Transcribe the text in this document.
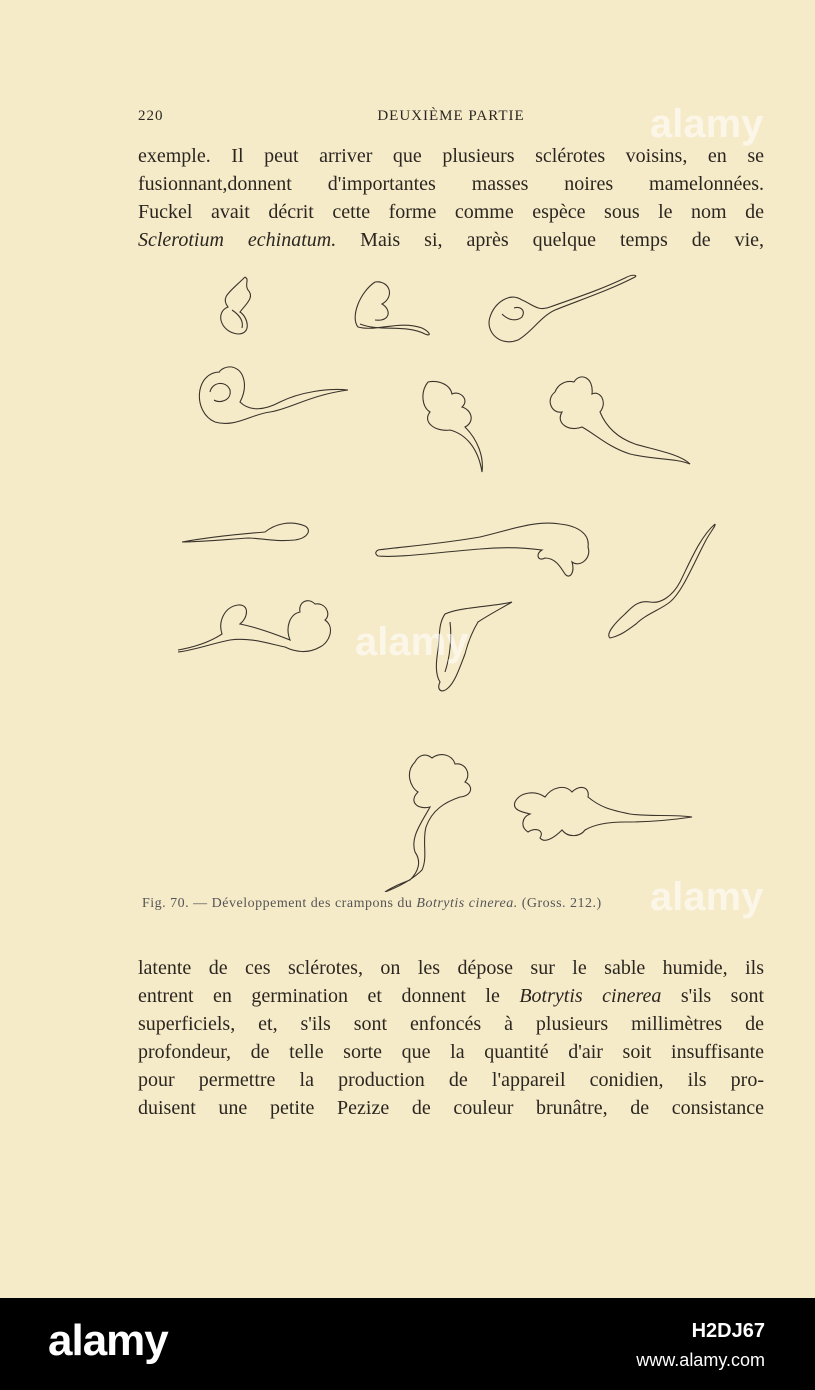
220	DEUXIÈME PARTIE
exemple. Il peut arriver que plusieurs sclérotes voisins, en se
fusionnant,donnent d'importantes masses noires mamelonnées.
Fuckel avait décrit cette forme comme espèce sous le nom de
Sclerotium echinatum. Mais si, après quelque temps de vie,
Fig. 70. — Développement des crampons du Botrytis cinerea. (Gross. 212.)
latente de ces sclérotes, on les dépose sur le sable humide, ils
entrent en germination et donnent le Botrytis cinerea s'ils sont
superficiels, et, s'ils sont enfoncés à plusieurs millimètres de
profondeur, de telle sorte que la quantité d'air soit insuffisante
pour permettre la production de l'appareil conidien, ils pro-
duisent une petite Pezize de couleur brunâtre, de consistance
alamy
alamy
alamy
alamy	H2DJ67
www.alamy.com
